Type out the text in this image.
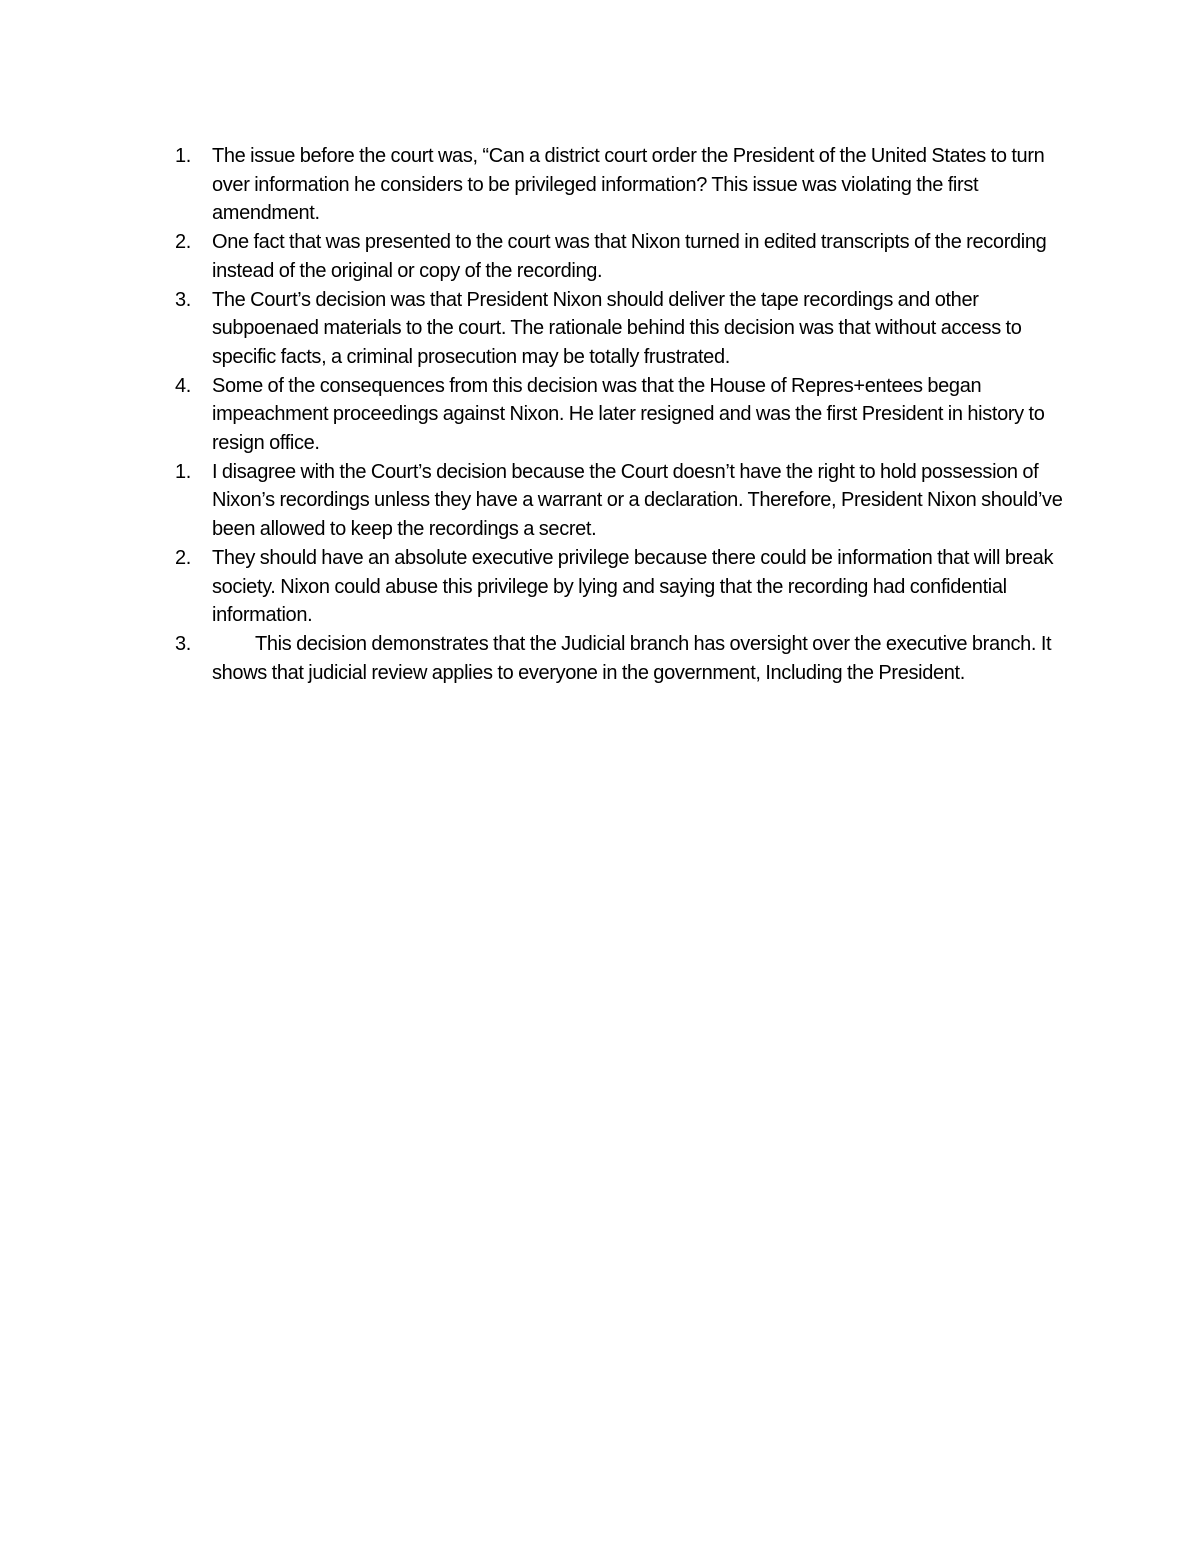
1.	The issue before the court was, “Can a district court order the President of the United States to turn over information he considers to be privileged information? This issue was violating the first amendment.
2.	One fact that was presented to the court was that Nixon turned in edited transcripts of the recording instead of the original or copy of the recording.
3.	The Court’s decision was that President Nixon should deliver the tape recordings and other subpoenaed materials to the court. The rationale behind this decision was that without access to specific facts, a criminal prosecution may be totally frustrated.
4.	Some of the consequences from this decision was that the House of Repres+entees began impeachment proceedings against Nixon. He later resigned and was the first President in history to resign office.
1.	I disagree with the Court’s decision because the Court doesn’t have the right to hold possession of Nixon’s recordings unless they have a warrant or a declaration. Therefore, President Nixon should’ve been allowed to keep the recordings a secret.
2.	They should have an absolute executive privilege because there could be information that will break society. Nixon could abuse this privilege by lying and saying that the recording had confidential information.
3.	This decision demonstrates that the Judicial branch has oversight over the executive branch. It shows that judicial review applies to everyone in the government, Including the President.
